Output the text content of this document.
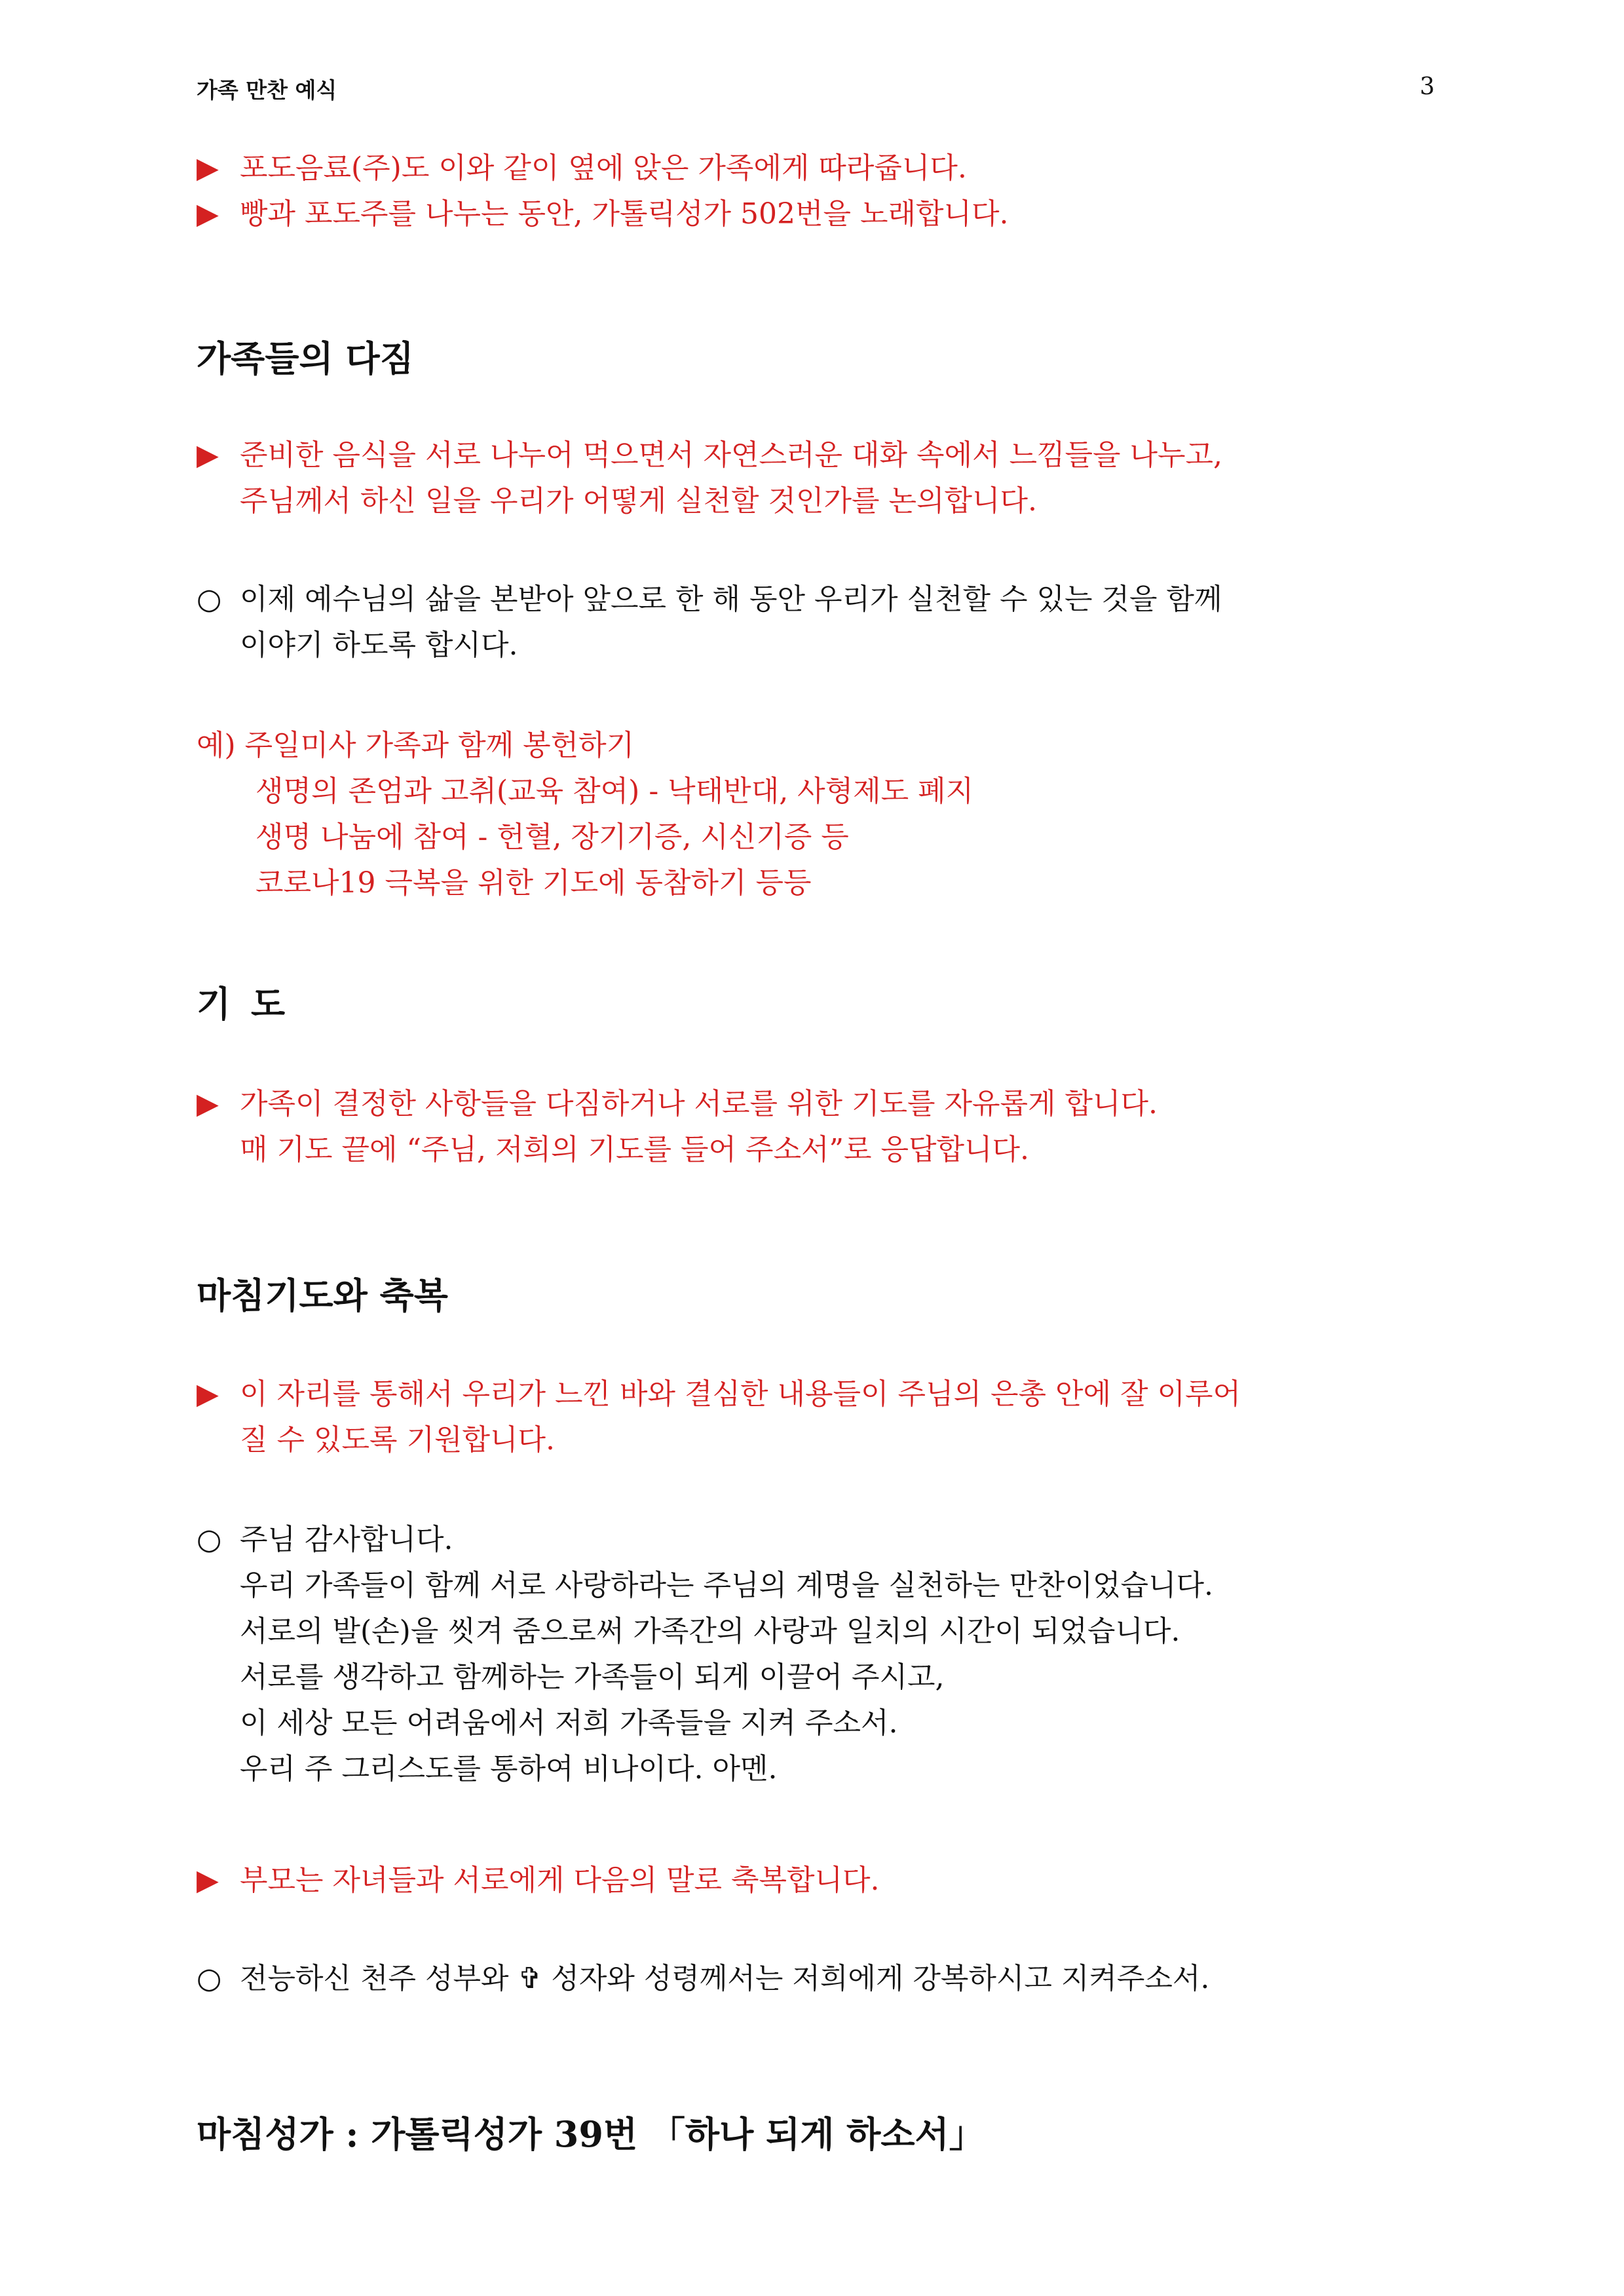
가족 만찬 예식	3
▶ 포도음료(주)도 이와 같이 옆에 앉은 가족에게 따라줍니다.
▶ 빵과 포도주를 나누는 동안, 가톨릭성가 502번을 노래합니다.
가족들의 다짐
▶ 준비한 음식을 서로 나누어 먹으면서 자연스러운 대화 속에서 느낌들을 나누고,
주님께서 하신 일을 우리가 어떻게 실천할 것인가를 논의합니다.
○ 이제 예수님의 삶을 본받아 앞으로 한 해 동안 우리가 실천할 수 있는 것을 함께
이야기 하도록 합시다.
예) 주일미사 가족과 함께 봉헌하기
생명의 존엄과 고취(교육 참여) - 낙태반대, 사형제도 폐지
생명 나눔에 참여 - 헌혈, 장기기증, 시신기증 등
코로나19 극복을 위한 기도에 동참하기 등등
기 도
▶ 가족이 결정한 사항들을 다짐하거나 서로를 위한 기도를 자유롭게 합니다.
매 기도 끝에 “주님, 저희의 기도를 들어 주소서”로 응답합니다.
마침기도와 축복
▶ 이 자리를 통해서 우리가 느낀 바와 결심한 내용들이 주님의 은총 안에 잘 이루어
질 수 있도록 기원합니다.
○ 주님 감사합니다.
우리 가족들이 함께 서로 사랑하라는 주님의 계명을 실천하는 만찬이었습니다.
서로의 발(손)을 씻겨 줌으로써 가족간의 사랑과 일치의 시간이 되었습니다.
서로를 생각하고 함께하는 가족들이 되게 이끌어 주시고,
이 세상 모든 어려움에서 저희 가족들을 지켜 주소서.
우리 주 그리스도를 통하여 비나이다. 아멘.
▶ 부모는 자녀들과 서로에게 다음의 말로 축복합니다.
○ 전능하신 천주 성부와 ✞ 성자와 성령께서는 저희에게 강복하시고 지켜주소서.
마침성가 : 가톨릭성가 39번 「하나 되게 하소서」
